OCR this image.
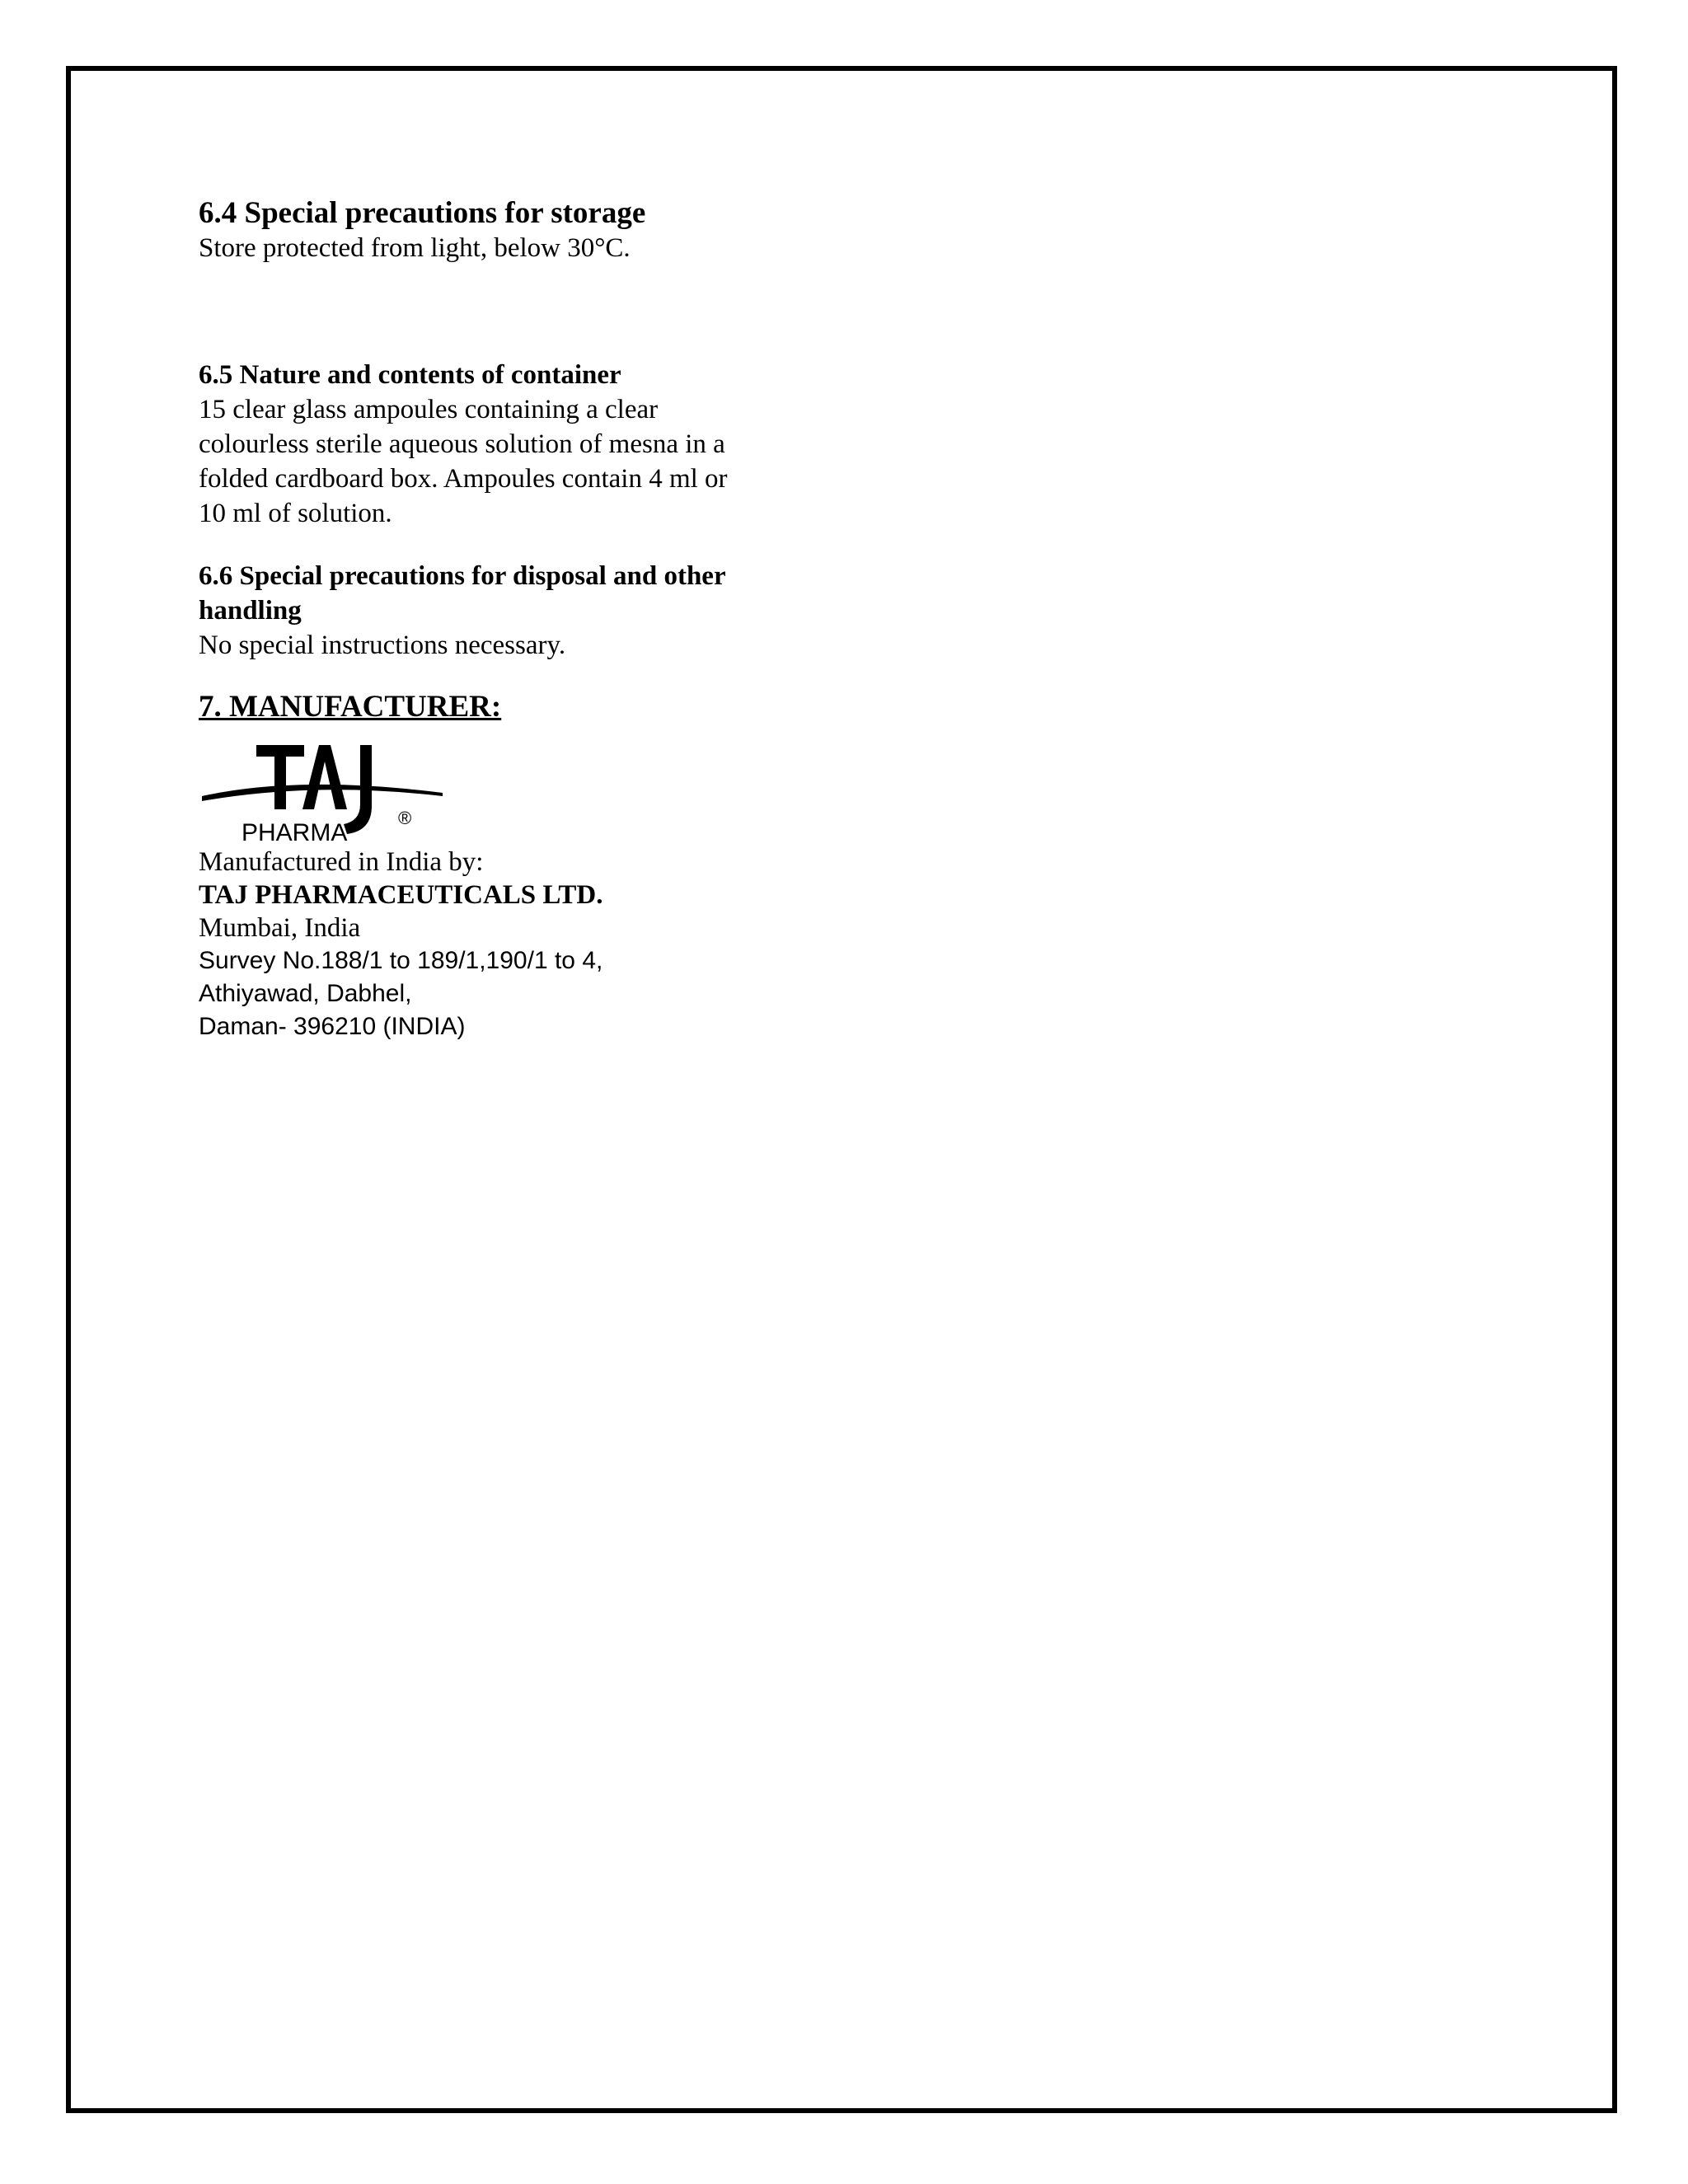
6.4 Special precautions for storage

Store protected from light, below 30°C.

6.5 Nature and contents of container

15 clear glass ampoules containing a clear

colourless sterile aqueous solution of mesna in a

folded cardboard box. Ampoules contain 4 ml or

10 ml of solution.

6.6 Special precautions for disposal and other

handling

No special instructions necessary.

7. MANUFACTURER:

PHARMA
®

Manufactured in India by:

TAJ PHARMACEUTICALS LTD.

Mumbai, India

Survey No.188/1 to 189/1,190/1 to 4,

Athiyawad, Dabhel,

Daman- 396210 (INDIA)
